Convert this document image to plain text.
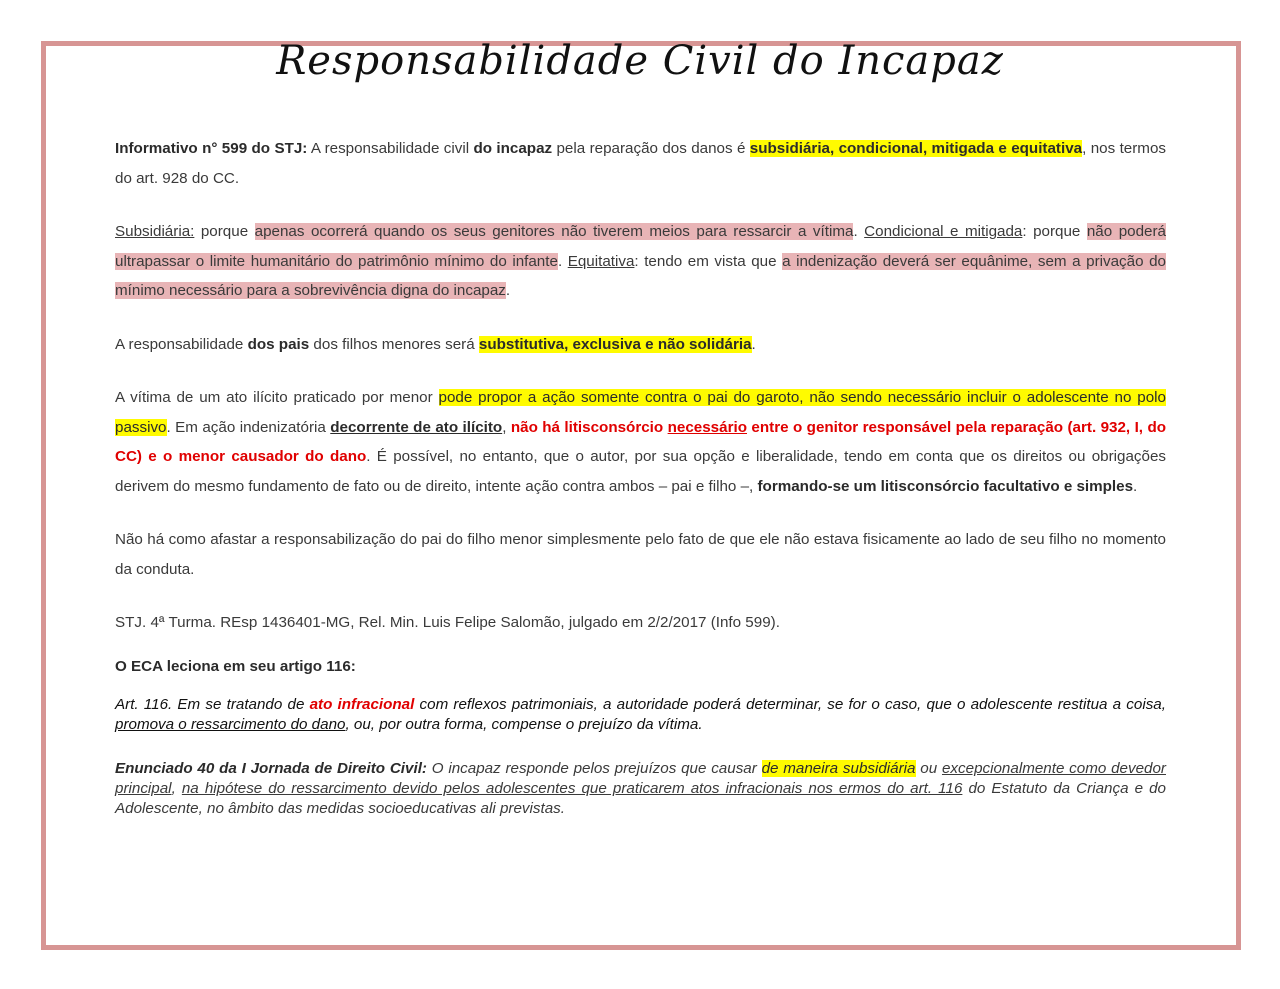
Responsabilidade Civil do Incapaz

Informativo n° 599 do STJ: A responsabilidade civil do incapaz pela reparação dos danos é subsidiária, condicional, mitigada e equitativa, nos termos do art. 928 do CC.

Subsidiária: porque apenas ocorrerá quando os seus genitores não tiverem meios para ressarcir a vítima. Condicional e mitigada: porque não poderá ultrapassar o limite humanitário do patrimônio mínimo do infante. Equitativa: tendo em vista que a indenização deverá ser equânime, sem a privação do mínimo necessário para a sobrevivência digna do incapaz.

A responsabilidade dos pais dos filhos menores será substitutiva, exclusiva e não solidária.

A vítima de um ato ilícito praticado por menor pode propor a ação somente contra o pai do garoto, não sendo necessário incluir o adolescente no polo passivo. Em ação indenizatória decorrente de ato ilícito, não há litisconsórcio necessário entre o genitor responsável pela reparação (art. 932, I, do CC) e o menor causador do dano. É possível, no entanto, que o autor, por sua opção e liberalidade, tendo em conta que os direitos ou obrigações derivem do mesmo fundamento de fato ou de direito, intente ação contra ambos – pai e filho –, formando-se um litisconsórcio facultativo e simples.

Não há como afastar a responsabilização do pai do filho menor simplesmente pelo fato de que ele não estava fisicamente ao lado de seu filho no momento da conduta.

STJ. 4ª Turma. REsp 1436401-MG, Rel. Min. Luis Felipe Salomão, julgado em 2/2/2017 (Info 599).

O ECA leciona em seu artigo 116:

Art. 116. Em se tratando de ato infracional com reflexos patrimoniais, a autoridade poderá determinar, se for o caso, que o adolescente restitua a coisa, promova o ressarcimento do dano, ou, por outra forma, compense o prejuízo da vítima.

Enunciado 40 da I Jornada de Direito Civil: O incapaz responde pelos prejuízos que causar de maneira subsidiária ou excepcionalmente como devedor principal, na hipótese do ressarcimento devido pelos adolescentes que praticarem atos infracionais nos ermos do art. 116 do Estatuto da Criança e do Adolescente, no âmbito das medidas socioeducativas ali previstas.
